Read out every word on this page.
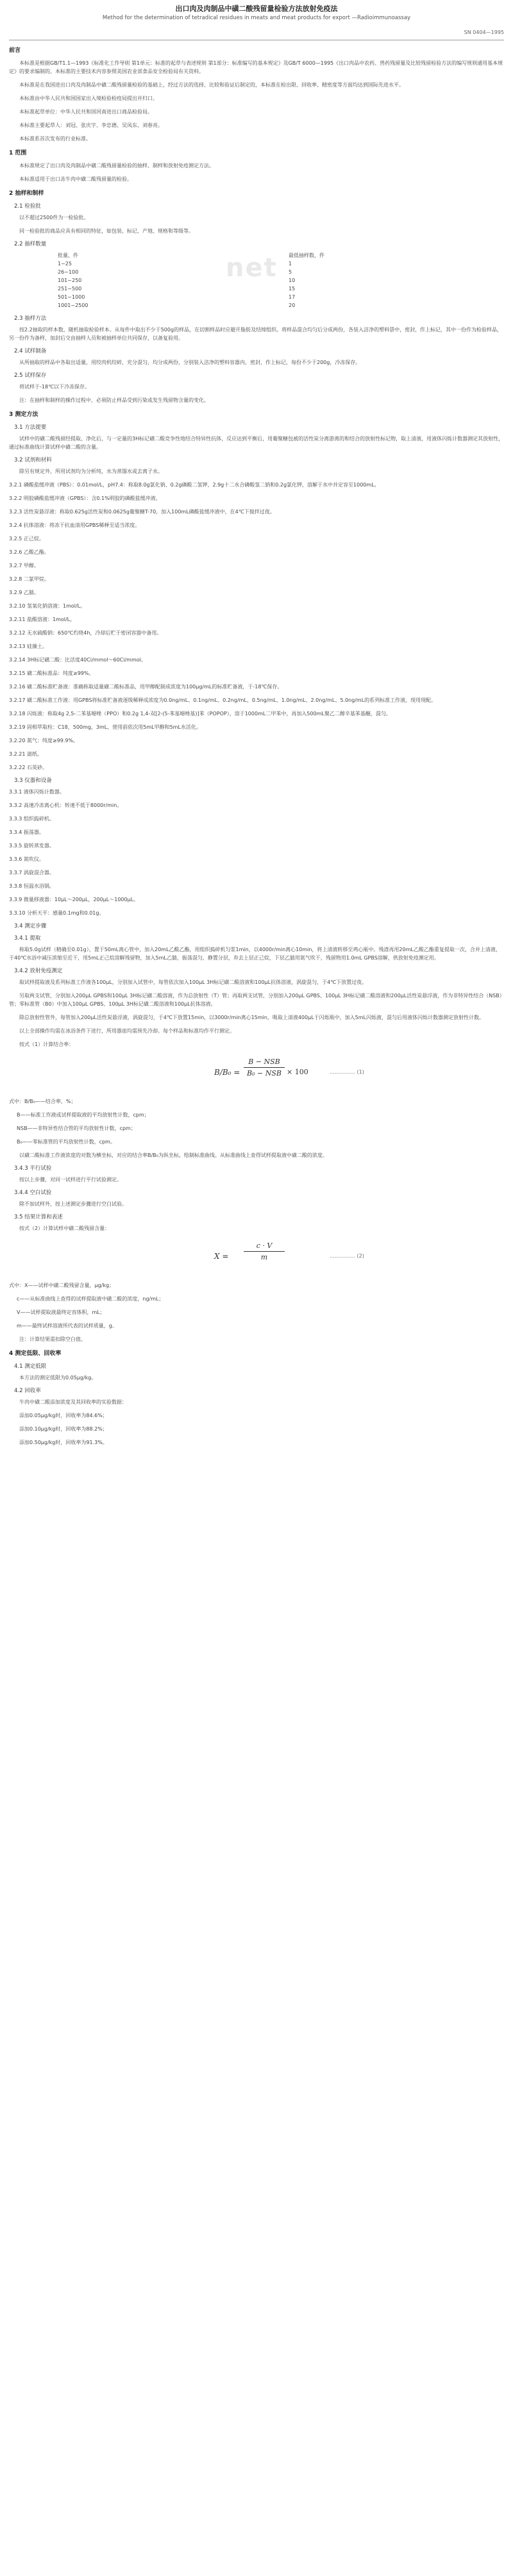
net
出口肉及肉制品中磺二酸残留量检验方法放射免疫法
Method for the determination of tetradical residues in meats and meat products for export —Radioimmunoassay
SN 0404—1995
前言
本标准是根据GB/T1.1—1993《标准化工作导则 第1单元：标准的起草与表述规则 第1部分：标准编写的基本规定》及GB/T 6000—1995《出口肉品中农药、兽药残留量及比较残留检验方法的编写规则通用基本规定》的要求编制的。本标准的主要技术内容参照美国农业部食品安全检验局有关资料。
本标准是在我国进出口肉及肉制品中磺二酸残留量检验的基础上，经过方法的选择、比较和验证后制定的，本标准在检出限、回收率、精密度等方面均达到国际先进水平。
本标准由中华人民共和国国家出入境检验检疫局提出并归口。
本标准起草单位：中华人民共和国河南进出口商品检验局。
本标准主要起草人：刘冠、张庆宇、李忠德、吴凤东、刘春亮。
本标准系首次发布的行业标准。
1 范围
本标准规定了出口肉及肉制品中磺二酸残留量检验的抽样、制样和放射免疫测定方法。
本标准适用于出口冻牛肉中磺二酸残留量的检验。
2 抽样和制样
2.1 检验批
以不超过2500件为一检验批。
同一检验批的商品应具有相同的特征，如包装、标记、产地、规格和等级等。
2.2 抽样数量
批量，件	最低抽样数，件
1~25	1
26~100	5
101~250	10
251~500	15
501~1000	17
1001~2500	20
2.3 抽样方法
按2.2抽取的样本数，随机抽取检验样本。从每件中取出不少于500g的样品，在切割样品时应避开脂肪及结缔组织。将样品混合均匀后分成两份，各装入洁净的塑料袋中，密封，作上标记，其中一份作为检验样品，另一份作为备样，加封后交由抽样人员和被抽样单位共同保存，以备复验用。
2.4 试样制备
从所抽取的样品中各取出适量，用绞肉机绞碎，充分混匀，均分成两份，分别装入洁净的塑料容器内，密封，作上标记，每份不少于200g，冷冻保存。
2.5 试样保存
将试样于-18℃以下冷冻保存。
注：在抽样和制样的操作过程中，必须防止样品受到污染或发生残留物含量的变化。
3 测定方法
3.1 方法提要
试样中的磺二酸残留经提取、净化后，与一定量的3H标记磺二酸竞争性地结合特异性抗体，反应达到平衡后，用葡聚糖包被的活性炭分离游离的和结合的放射性标记物，取上清液，用液体闪烁计数器测定其放射性，通过标准曲线计算试样中磺二酸的含量。
3.2 试剂和材料
除另有规定外，所用试剂均为分析纯，水为蒸馏水或去离子水。
3.2.1 磷酸盐缓冲液（PBS）：0.01mol/L，pH7.4：称取8.0g氯化钠、0.2g磷酸二氢钾、2.9g十二水合磷酸氢二钠和0.2g氯化钾，溶解于水中并定容至1000mL。
3.2.2 明胶磷酸盐缓冲液（GPBS）：含0.1%明胶的磷酸盐缓冲液。
3.2.3 活性炭悬浮液：称取0.625g活性炭和0.0625g葡聚糖T-70，加入100mL磷酸盐缓冲液中，在4℃下搅拌过夜。
3.2.4 抗体溶液：将冻干抗血清用GPBS稀释至适当浓度。
3.2.5 正己烷。
3.2.6 乙酸乙酯。
3.2.7 甲醇。
3.2.8 二氯甲烷。
3.2.9 乙腈。
3.2.10 氢氧化钠溶液：1mol/L。
3.2.11 盐酸溶液：1mol/L。
3.2.12 无水硫酸钠：650℃灼烧4h，冷却后贮于密闭容器中备用。
3.2.13 硅藻土。
3.2.14 3H标记磺二酸：比活度40Ci/mmol～60Ci/mmol。
3.2.15 磺二酸标准品：纯度≥99%。
3.2.16 磺二酸标准贮备液：准确称取适量磺二酸标准品，用甲醇配制成浓度为100μg/mL的标准贮备液，于-18℃保存。
3.2.17 磺二酸标准工作液：用GPBS将标准贮备液逐级稀释成浓度为0.0ng/mL、0.1ng/mL、0.2ng/mL、0.5ng/mL、1.0ng/mL、2.0ng/mL、5.0ng/mL的系列标准工作液，现用现配。
3.2.18 闪烁液：称取4g 2,5-二苯基噁唑（PPO）和0.2g 1,4-双[2-(5-苯基噁唑基)]苯（POPOP），溶于1000mL二甲苯中，再加入500mL聚乙二醇辛基苯基醚，混匀。
3.2.19 固相萃取柱：C18，500mg，3mL，使用前依次用5mL甲醇和5mL水活化。
3.2.20 氮气：纯度≥99.9%。
3.2.21 滤纸。
3.2.22 石英砂。
3.3 仪器和设备
3.3.1 液体闪烁计数器。
3.3.2 高速冷冻离心机：转速不低于8000r/min。
3.3.3 组织捣碎机。
3.3.4 振荡器。
3.3.5 旋转蒸发器。
3.3.6 氮吹仪。
3.3.7 涡旋混合器。
3.3.8 恒温水浴锅。
3.3.9 微量移液器：10μL～200μL，200μL～1000μL。
3.3.10 分析天平：感量0.1mg和0.01g。
3.4 测定步骤
3.4.1 提取
称取5.0g试样（精确至0.01g），置于50mL离心管中，加入20mL乙酸乙酯，用组织捣碎机匀浆1min，以4000r/min离心10min，将上清液转移至鸡心瓶中。残渣再用20mL乙酸乙酯重复提取一次，合并上清液，于40℃水浴中减压浓缩至近干，用5mL正己烷溶解残留物，加入5mL乙腈，振荡混匀，静置分层，弃去上层正己烷，下层乙腈用氮气吹干，残留物用1.0mL GPBS溶解，供放射免疫测定用。
3.4.2 放射免疫测定
取试样提取液及系列标准工作液各100μL，分别加入试管中，每管依次加入100μL 3H标记磺二酸溶液和100μL抗体溶液，涡旋混匀，于4℃下放置过夜。
另取两支试管，分别加入200μL GPBS和100μL 3H标记磺二酸溶液，作为总放射性（T）管；再取两支试管，分别加入200μL GPBS、100μL 3H标记磺二酸溶液和200μL活性炭悬浮液，作为非特异性结合（NSB）管；零标准管（B0）中加入100μL GPBS、100μL 3H标记磺二酸溶液和100μL抗体溶液。
除总放射性管外，每管加入200μL活性炭悬浮液，涡旋混匀，于4℃下放置15min，以3000r/min离心15min，吸取上清液400μL于闪烁瓶中，加入5mL闪烁液，混匀后用液体闪烁计数器测定放射性计数。
以上全部操作均需在冰浴条件下进行，所用器皿均需预先冷却。每个样品和标准均作平行测定。
按式（1）计算结合率：
B/B₀ =
B − NSB
B₀ − NSB × 100	…………… (1)
式中：B/B₀——结合率，%；
B——标准工作液或试样提取液的平均放射性计数，cpm；
NSB——非特异性结合管的平均放射性计数，cpm；
B₀——零标准管的平均放射性计数，cpm。
以磺二酸标准工作液浓度的对数为横坐标，对应的结合率B/B₀为纵坐标，绘制标准曲线。从标准曲线上查得试样提取液中磺二酸的浓度。
3.4.3 平行试验
按以上步骤，对同一试样进行平行试验测定。
3.4.4 空白试验
除不加试样外，按上述测定步骤进行空白试验。
3.5 结果计算和表述
按式（2）计算试样中磺二酸残留含量：
$X = \frac{c \cdot V}{m}$	…………… (2)
式中：X——试样中磺二酸残留含量，μg/kg；
c——从标准曲线上查得的试样提取液中磺二酸的浓度，ng/mL；
V——试样提取液最终定容体积，mL；
m——最终试样溶液所代表的试样质量，g。
注：计算结果需扣除空白值。
4 测定低限、回收率
4.1 测定低限
本方法的测定低限为0.05μg/kg。
4.2 回收率
牛肉中磺二酸添加浓度及其回收率的实验数据：
添加0.05μg/kg时，回收率为84.6%；
添加0.10μg/kg时，回收率为88.2%；
添加0.50μg/kg时，回收率为91.3%。
